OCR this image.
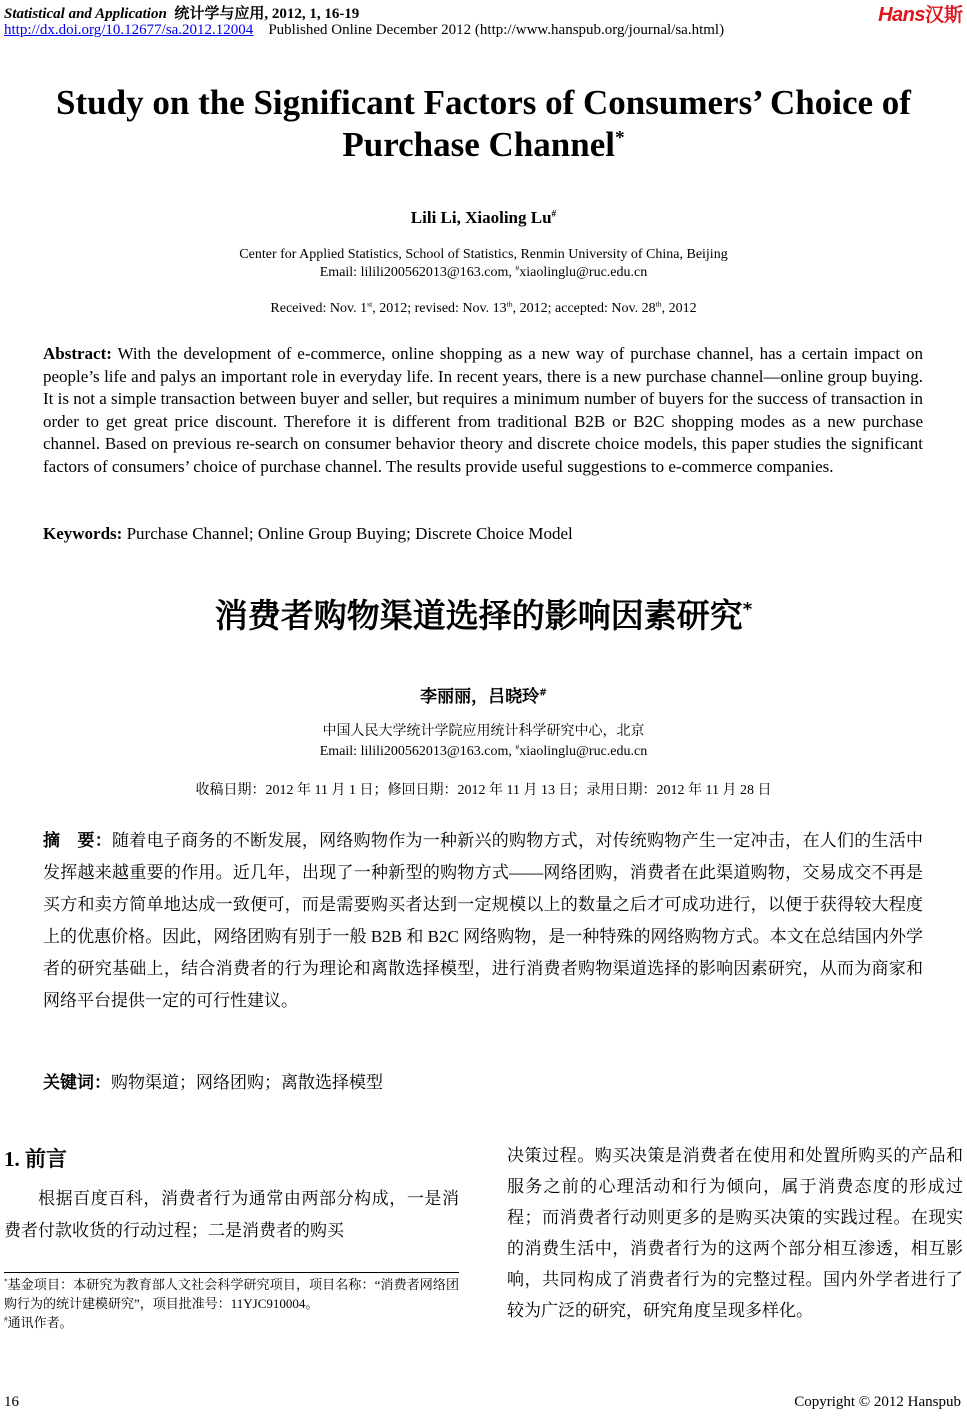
Statistical and Application 统计学与应用, 2012, 1, 16-19
http://dx.doi.org/10.12677/sa.2012.12004 Published Online December 2012 (http://www.hanspub.org/journal/sa.html)
Hans汉斯
Study on the Significant Factors of Consumers’ Choice of Purchase Channel*
Lili Li, Xiaoling Lu#
Center for Applied Statistics, School of Statistics, Renmin University of China, Beijing
Email: lilili200562013@163.com, #xiaolinglu@ruc.edu.cn
Received: Nov. 1st, 2012; revised: Nov. 13th, 2012; accepted: Nov. 28th, 2012
Abstract: With the development of e-commerce, online shopping as a new way of purchase channel, has a certain impact on people’s life and palys an important role in everyday life. In recent years, there is a new purchase channel—online group buying. It is not a simple transaction between buyer and seller, but requires a minimum number of buyers for the success of transaction in order to get great price discount. Therefore it is different from traditional B2B or B2C shopping modes as a new purchase channel. Based on previous re-search on consumer behavior theory and discrete choice models, this paper studies the significant factors of consumers’ choice of purchase channel. The results provide useful suggestions to e-commerce companies.
Keywords: Purchase Channel; Online Group Buying; Discrete Choice Model
消费者购物渠道选择的影响因素研究*
李丽丽，吕晓玲#
中国人民大学统计学院应用统计科学研究中心，北京
Email: lilili200562013@163.com, #xiaolinglu@ruc.edu.cn
收稿日期：2012 年 11 月 1 日；修回日期：2012 年 11 月 13 日；录用日期：2012 年 11 月 28 日
摘　要：随着电子商务的不断发展，网络购物作为一种新兴的购物方式，对传统购物产生一定冲击，在人们的生活中发挥越来越重要的作用。近几年，出现了一种新型的购物方式——网络团购，消费者在此渠道购物，交易成交不再是买方和卖方简单地达成一致便可，而是需要购买者达到一定规模以上的数量之后才可成功进行，以便于获得较大程度上的优惠价格。因此，网络团购有别于一般 B2B 和 B2C 网络购物，是一种特殊的网络购物方式。本文在总结国内外学者的研究基础上，结合消费者的行为理论和离散选择模型，进行消费者购物渠道选择的影响因素研究，从而为商家和网络平台提供一定的可行性建议。
关键词：购物渠道；网络团购；离散选择模型
1. 前言
根据百度百科，消费者行为通常由两部分构成，一是消费者付款收货的行动过程；二是消费者的购买
*基金项目：本研究为教育部人文社会科学研究项目，项目名称：“消费者网络团购行为的统计建模研究”，项目批准号：11YJC910004。
#通讯作者。
决策过程。购买决策是消费者在使用和处置所购买的产品和服务之前的心理活动和行为倾向，属于消费态度的形成过程；而消费者行动则更多的是购买决策的实践过程。在现实的消费生活中，消费者行为的这两个部分相互渗透，相互影响，共同构成了消费者行为的完整过程。国内外学者进行了较为广泛的研究，研究角度呈现多样化。
16	Copyright © 2012 Hanspub
